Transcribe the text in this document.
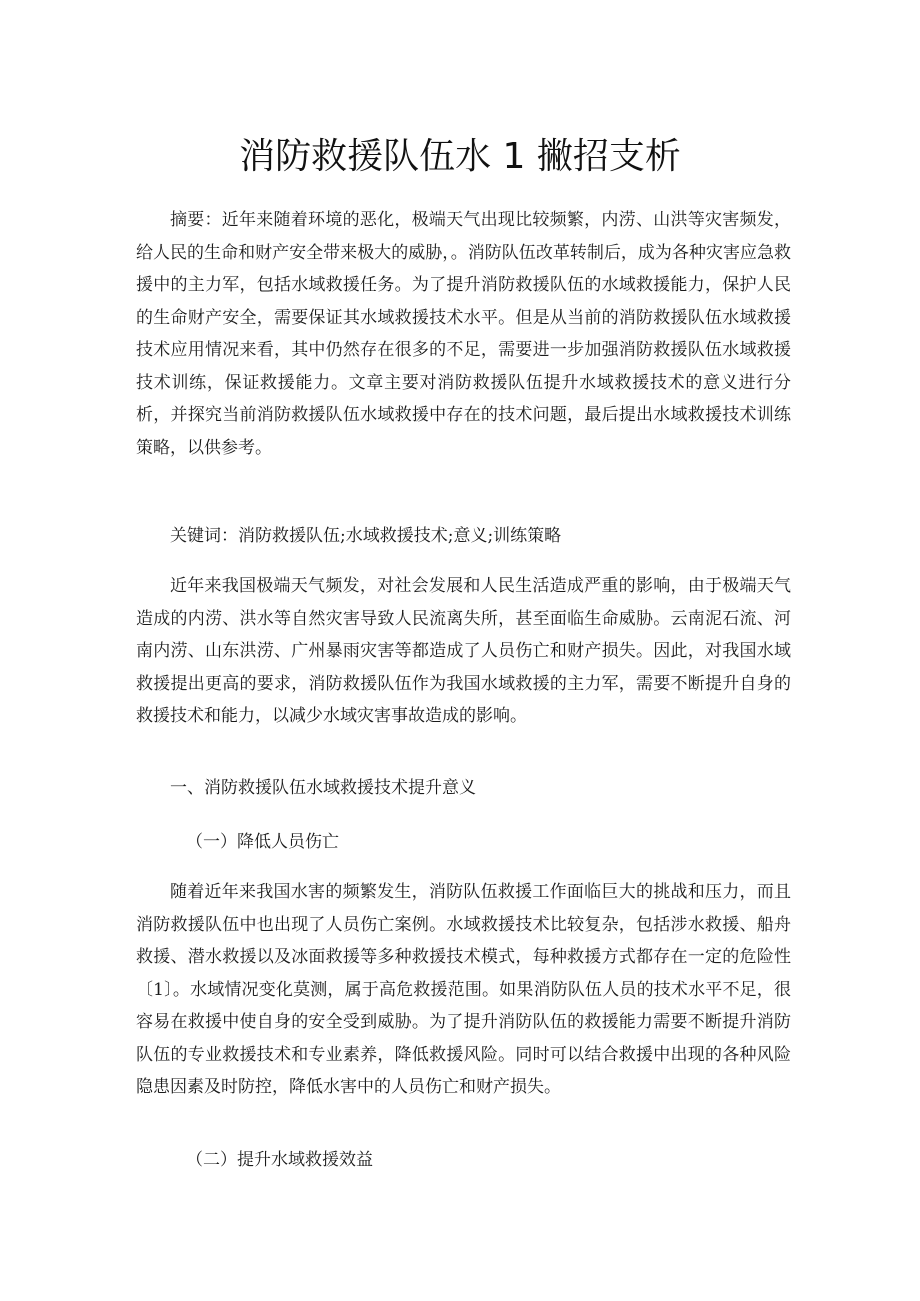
消防救援队伍水 1 撇招支析

摘要：近年来随着环境的恶化，极端天气出现比较频繁，内涝、山洪等灾害频发，给人民的生命和财产安全带来极大的威胁，。消防队伍改革转制后，成为各种灾害应急救援中的主力军，包括水域救援任务。为了提升消防救援队伍的水域救援能力，保护人民的生命财产安全，需要保证其水域救援技术水平。但是从当前的消防救援队伍水域救援技术应用情况来看，其中仍然存在很多的不足，需要进一步加强消防救援队伍水域救援技术训练，保证救援能力。文章主要对消防救援队伍提升水域救援技术的意义进行分析，并探究当前消防救援队伍水域救援中存在的技术问题，最后提出水域救援技术训练策略，以供参考。

关键词：消防救援队伍;水域救援技术;意义;训练策略

近年来我国极端天气频发，对社会发展和人民生活造成严重的影响，由于极端天气造成的内涝、洪水等自然灾害导致人民流离失所，甚至面临生命威胁。云南泥石流、河南内涝、山东洪涝、广州暴雨灾害等都造成了人员伤亡和财产损失。因此，对我国水域救援提出更高的要求，消防救援队伍作为我国水域救援的主力军，需要不断提升自身的救援技术和能力，以减少水域灾害事故造成的影响。

一、消防救援队伍水域救援技术提升意义

（一）降低人员伤亡

随着近年来我国水害的频繁发生，消防队伍救援工作面临巨大的挑战和压力，而且消防救援队伍中也出现了人员伤亡案例。水域救援技术比较复杂，包括涉水救援、船舟救援、潜水救援以及冰面救援等多种救援技术模式，每种救援方式都存在一定的危险性〔1〕。水域情况变化莫测，属于高危救援范围。如果消防队伍人员的技术水平不足，很容易在救援中使自身的安全受到威胁。为了提升消防队伍的救援能力需要不断提升消防队伍的专业救援技术和专业素养，降低救援风险。同时可以结合救援中出现的各种风险隐患因素及时防控，降低水害中的人员伤亡和财产损失。

（二）提升水域救援效益
